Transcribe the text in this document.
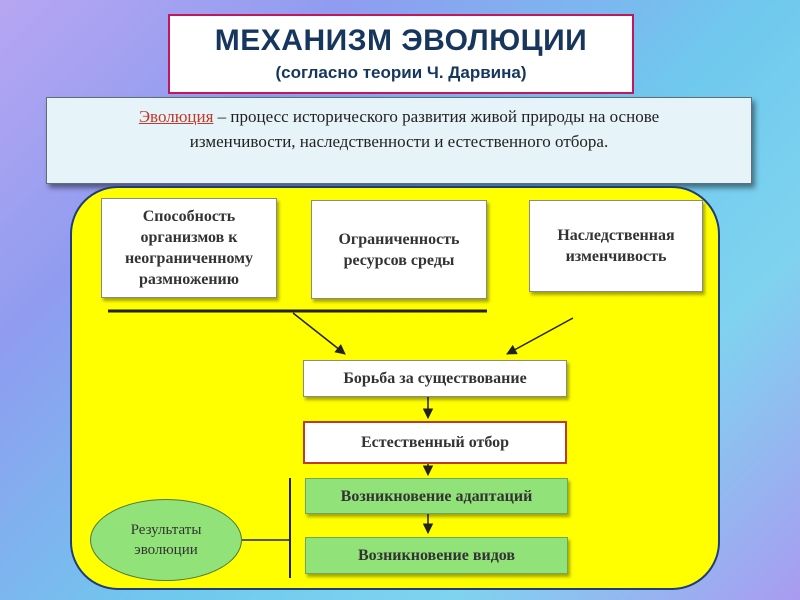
МЕХАНИЗМ ЭВОЛЮЦИИ
(согласно теории Ч. Дарвина)
Эволюция – процесс исторического развития живой природы на основе
изменчивости, наследственности и естественного отбора.
Способность организмов к неограниченному размножению
Ограниченность ресурсов среды
Наследственная изменчивость
Борьба за существование
Естественный отбор
Возникновение адаптаций
Возникновение видов
Результаты эволюции
